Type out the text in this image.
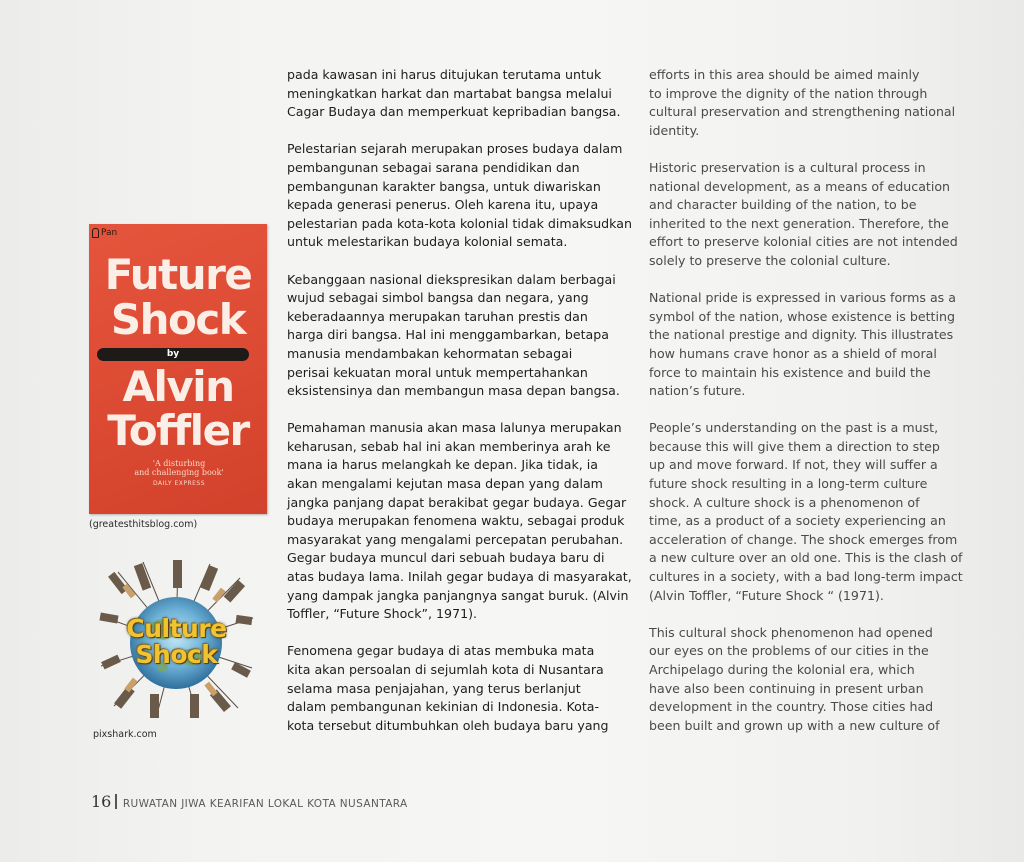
Pan
Future
Shock
by
Alvin
Toffler
'A disturbing
and challenging book'
DAILY EXPRESS
(greatesthitsblog.com)
Culture
Shock
pixshark.com

pada kawasan ini harus ditujukan terutama untuk
meningkatkan harkat dan martabat bangsa melalui
Cagar Budaya dan memperkuat kepribadian bangsa.

Pelestarian sejarah merupakan proses budaya dalam
pembangunan sebagai sarana pendidikan dan
pembangunan karakter bangsa, untuk diwariskan
kepada generasi penerus. Oleh karena itu, upaya
pelestarian pada kota-kota kolonial tidak dimaksudkan
untuk melestarikan budaya kolonial semata.

Kebanggaan nasional diekspresikan dalam berbagai
wujud sebagai simbol bangsa dan negara, yang
keberadaannya merupakan taruhan prestis dan
harga diri bangsa. Hal ini menggambarkan, betapa
manusia mendambakan kehormatan sebagai
perisai kekuatan moral untuk mempertahankan
eksistensinya dan membangun masa depan bangsa.

Pemahaman manusia akan masa lalunya merupakan
keharusan, sebab hal ini akan memberinya arah ke
mana ia harus melangkah ke depan. Jika tidak, ia
akan mengalami kejutan masa depan yang dalam
jangka panjang dapat berakibat gegar budaya. Gegar
budaya merupakan fenomena waktu, sebagai produk
masyarakat yang mengalami percepatan perubahan.
Gegar budaya muncul dari sebuah budaya baru di
atas budaya lama. Inilah gegar budaya di masyarakat,
yang dampak jangka panjangnya sangat buruk. (Alvin
Toffler, “Future Shock”, 1971).

Fenomena gegar budaya di atas membuka mata
kita akan persoalan di sejumlah kota di Nusantara
selama masa penjajahan, yang terus berlanjut
dalam pembangunan kekinian di Indonesia. Kota-
kota tersebut ditumbuhkan oleh budaya baru yang

efforts in this area should be aimed mainly
to improve the dignity of the nation through
cultural preservation and strengthening national
identity.

Historic preservation is a cultural process in
national development, as a means of education
and character building of the nation, to be
inherited to the next generation. Therefore, the
effort to preserve kolonial cities are not intended
solely to preserve the colonial culture.

National pride is expressed in various forms as a
symbol of the nation, whose existence is betting
the national prestige and dignity. This illustrates
how humans crave honor as a shield of moral
force to maintain his existence and build the
nation’s future.

People’s understanding on the past is a must,
because this will give them a direction to step
up and move forward. If not, they will suffer a
future shock resulting in a long-term culture
shock. A culture shock is a phenomenon of
time, as a product of a society experiencing an
acceleration of change. The shock emerges from
a new culture over an old one. This is the clash of
cultures in a society, with a bad long-term impact
(Alvin Toffler, “Future Shock “ (1971).

This cultural shock phenomenon had opened
our eyes on the problems of our cities in the
Archipelago during the kolonial era, which
have also been continuing in present urban
development in the country. Those cities had
been built and grown up with a new culture of

16 RUWATAN JIWA KEARIFAN LOKAL KOTA NUSANTARA
